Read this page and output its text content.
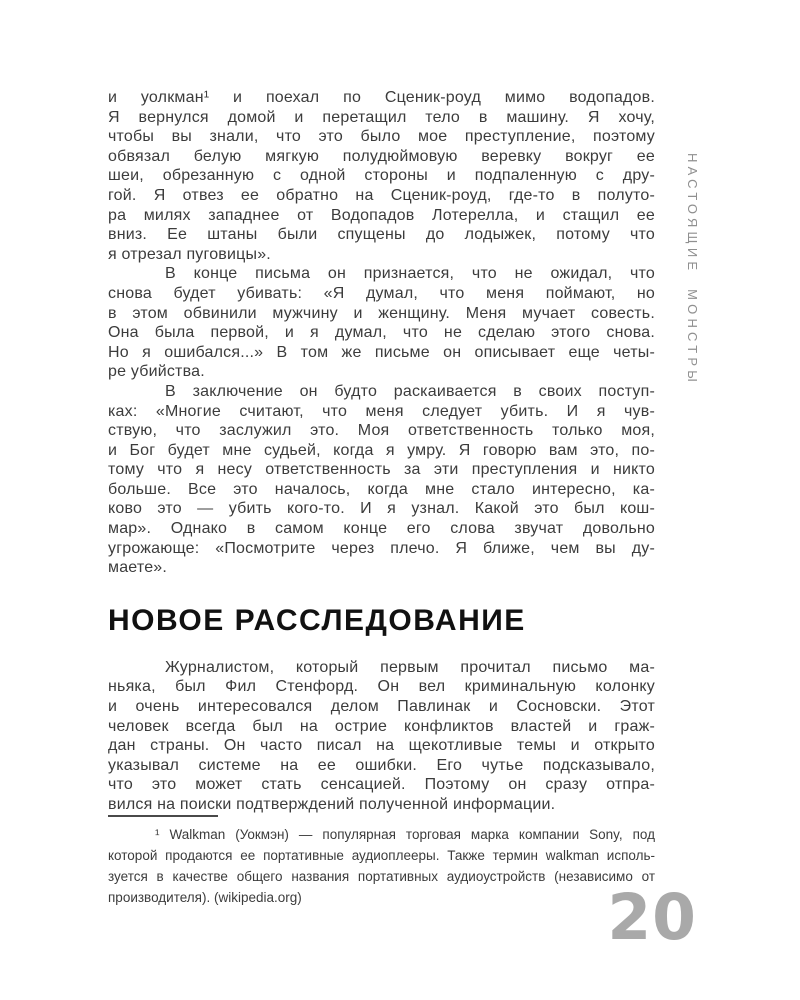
НАСТОЯЩИЕ МОНСТРЫ
и уолкман¹ и поехал по Сценик-роуд мимо водопадов.
Я вернулся домой и перетащил тело в машину. Я хочу,
чтобы вы знали, что это было мое преступление, поэтому
обвязал белую мягкую полудюймовую веревку вокруг ее
шеи, обрезанную с одной стороны и подпаленную с дру-
гой. Я отвез ее обратно на Сценик-роуд, где-то в полуто-
ра милях западнее от Водопадов Лотерелла, и стащил ее
вниз. Ее штаны были спущены до лодыжек, потому что
я отрезал пуговицы».
В конце письма он признается, что не ожидал, что
снова будет убивать: «Я думал, что меня поймают, но
в этом обвинили мужчину и женщину. Меня мучает совесть.
Она была первой, и я думал, что не сделаю этого снова.
Но я ошибался...» В том же письме он описывает еще четы-
ре убийства.
В заключение он будто раскаивается в своих поступ-
ках: «Многие считают, что меня следует убить. И я чув-
ствую, что заслужил это. Моя ответственность только моя,
и Бог будет мне судьей, когда я умру. Я говорю вам это, по-
тому что я несу ответственность за эти преступления и никто
больше. Все это началось, когда мне стало интересно, ка-
ково это — убить кого-то. И я узнал. Какой это был кош-
мар». Однако в самом конце его слова звучат довольно
угрожающе: «Посмотрите через плечо. Я ближе, чем вы ду-
маете».
НОВОЕ РАССЛЕДОВАНИЕ
Журналистом, который первым прочитал письмо ма-
ньяка, был Фил Стенфорд. Он вел криминальную колонку
и очень интересовался делом Павлинак и Сосновски. Этот
человек всегда был на острие конфликтов властей и граж-
дан страны. Он часто писал на щекотливые темы и открыто
указывал системе на ее ошибки. Его чутье подсказывало,
что это может стать сенсацией. Поэтому он сразу отпра-
вился на поиски подтверждений полученной информации.
¹ Walkman (Уокмэн) — популярная торговая марка компании Sony, под
которой продаются ее портативные аудиоплееры. Также термин walkman исполь-
зуется в качестве общего названия портативных аудиоустройств (независимо от
производителя). (wikipedia.org)	20
